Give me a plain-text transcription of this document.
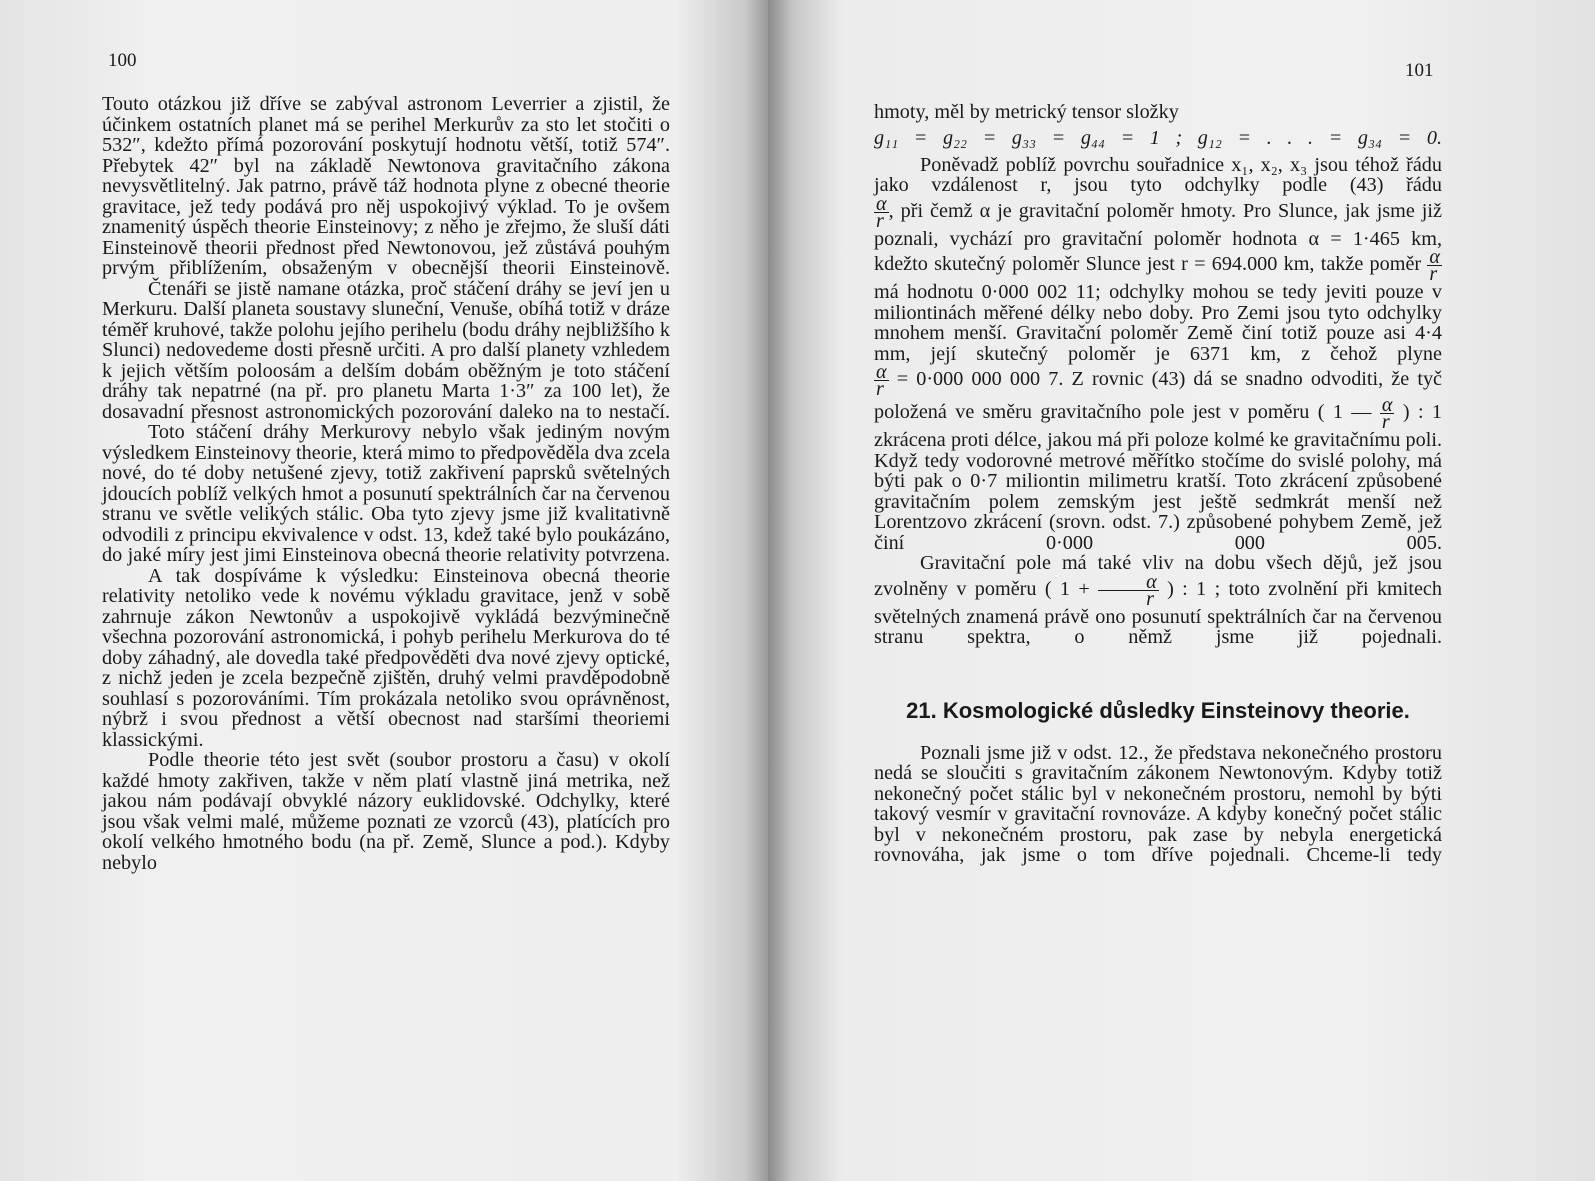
100

Touto otázkou již dříve se zabýval astronom Leverrier a zjistil, že účinkem ostatních planet má se perihel Merkurův za sto let stočiti o 532″, kdežto přímá pozorování poskytují hodnotu větší, totiž 574″. Přebytek 42″ byl na základě Newtonova gravitačního zákona nevysvětlitelný. Jak patrno, právě táž hodnota plyne z obecné theorie gravitace, jež tedy podává pro něj uspokojivý výklad. To je ovšem znamenitý úspěch theorie Einsteinovy; z něho je zřejmo, že sluší dáti Einsteinově theorii přednost před Newtonovou, jež zůstává pouhým prvým přiblížením, obsaženým v obecnější theorii Einsteinově.

Čtenáři se jistě namane otázka, proč stáčení dráhy se jeví jen u Merkuru. Další planeta soustavy sluneční, Venuše, obíhá totiž v dráze téměř kruhové, takže polohu jejího perihelu (bodu dráhy nejbližšího k Slunci) nedovedeme dosti přesně určiti. A pro další planety vzhledem k jejich větším poloosám a delším dobám oběžným je toto stáčení dráhy tak nepatrné (na př. pro planetu Marta 1·3″ za 100 let), že dosavadní přesnost astronomických pozorování daleko na to nestačí.

Toto stáčení dráhy Merkurovy nebylo však jediným novým výsledkem Einsteinovy theorie, která mimo to předpověděla dva zcela nové, do té doby netušené zjevy, totiž zakřivení paprsků světelných jdoucích poblíž velkých hmot a posunutí spektrálních čar na červenou stranu ve světle velikých stálic. Oba tyto zjevy jsme již kvalitativně odvodili z principu ekvivalence v odst. 13, kdež také bylo poukázáno, do jaké míry jest jimi Einsteinova obecná theorie relativity potvrzena.

A tak dospíváme k výsledku: Einsteinova obecná theorie relativity netoliko vede k novému výkladu gravitace, jenž v sobě zahrnuje zákon Newtonův a uspokojivě vykládá bezvýminečně všechna pozorování astronomická, i pohyb perihelu Merkurova do té doby záhadný, ale dovedla také předpověděti dva nové zjevy optické, z nichž jeden je zcela bezpečně zjištěn, druhý velmi pravděpodobně souhlasí s pozorováními. Tím prokázala netoliko svou oprávněnost, nýbrž i svou přednost a větší obecnost nad staršími theoriemi klassickými.

Podle theorie této jest svět (soubor prostoru a času) v okolí každé hmoty zakřiven, takže v něm platí vlastně jiná metrika, než jakou nám podávají obvyklé názory euklidovské. Odchylky, které jsou však velmi malé, můžeme poznati ze vzorců (43), platících pro okolí velkého hmotného bodu (na př. Země, Slunce a pod.). Kdyby nebylo

101

hmoty, měl by metrický tensor složky

g₁₁ = g₂₂ = g₃₃ = g₄₄ = 1 ; g₁₂ = . . . = g₃₄ = 0.

Poněvadž poblíž povrchu souřadnice x₁, x₂, x₃ jsou téhož řádu jako vzdálenost r, jsou tyto odchylky podle (43) řádu

$\frac{\alpha}{r}$ , při čemž α je gravitační poloměr hmoty. Pro Slunce, jak jsme již poznali, vychází pro gravitační poloměr hodnota α = 1·465 km, kdežto skutečný poloměr Slunce jest r = 694.000 km, takže poměr $\frac{\alpha}{r}$
má hodnotu 0·000 002 11; odchylky mohou se tedy jeviti pouze v miliontinách měřené délky nebo doby. Pro Zemi jsou tyto odchylky mnohem menší. Gravitační poloměr Země činí totiž pouze asi 4·4 mm, její skutečný poloměr je 6371 km, z čehož plyne

$\frac{\alpha}{r} = 0\cdot 000$ 000 000 7. Z rovnic (43) dá se snadno odvoditi, že tyč položená ve směru gravitačního pole jest v poměru ( 1 — $\frac{\alpha}{r}$ ) : 1 zkrácena proti délce, jakou má při poloze kolmé ke gravitačnímu poli. Když tedy vodorovné metrové měřítko stočíme do svislé polohy, má býti pak o 0·7 miliontin milimetru kratší. Toto zkrácení způsobené gravitačním polem zemským jest ještě sedmkrát menší než Lorentzovo zkrácení (srovn. odst. 7.) způsobené pohybem Země, jež činí 0·000 000 005.

Gravitační pole má také vliv na dobu všech dějů, jež jsou zvolněny v poměru ( $1 + \frac{\alpha}{r}$ ) : 1 ; toto zvolnění při kmitech světelných znamená právě ono posunutí spektrálních čar na červenou stranu spektra, o němž jsme již pojednali.

21. Kosmologické důsledky Einsteinovy theorie.

Poznali jsme již v odst. 12., že představa nekonečného prostoru nedá se sloučiti s gravitačním zákonem Newtonovým. Kdyby totiž nekonečný počet stálic byl v nekonečném prostoru, nemohl by býti takový vesmír v gravitační rovnováze. A kdyby konečný počet stálic byl v nekonečném prostoru, pak zase by nebyla energetická rovnováha, jak jsme o tom dříve pojednali. Chceme-li tedy
